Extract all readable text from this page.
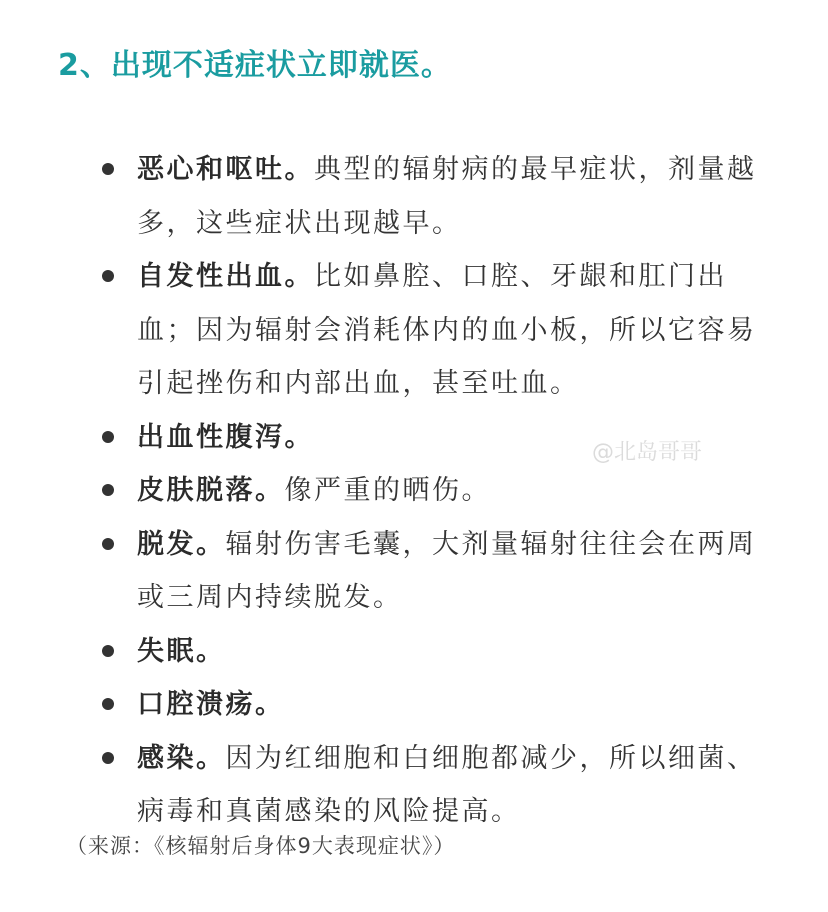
2、出现不适症状立即就医。
恶心和呕吐。典型的辐射病的最早症状，剂量越多，这些症状出现越早。
自发性出血。比如鼻腔、口腔、牙龈和肛门出血；因为辐射会消耗体内的血小板，所以它容易引起挫伤和内部出血，甚至吐血。
出血性腹泻。
皮肤脱落。像严重的晒伤。
脱发。辐射伤害毛囊，大剂量辐射往往会在两周或三周内持续脱发。
失眠。
口腔溃疡。
感染。因为红细胞和白细胞都减少，所以细菌、病毒和真菌感染的风险提高。
@北岛哥哥
（来源：《核辐射后身体9大表现症状》）
